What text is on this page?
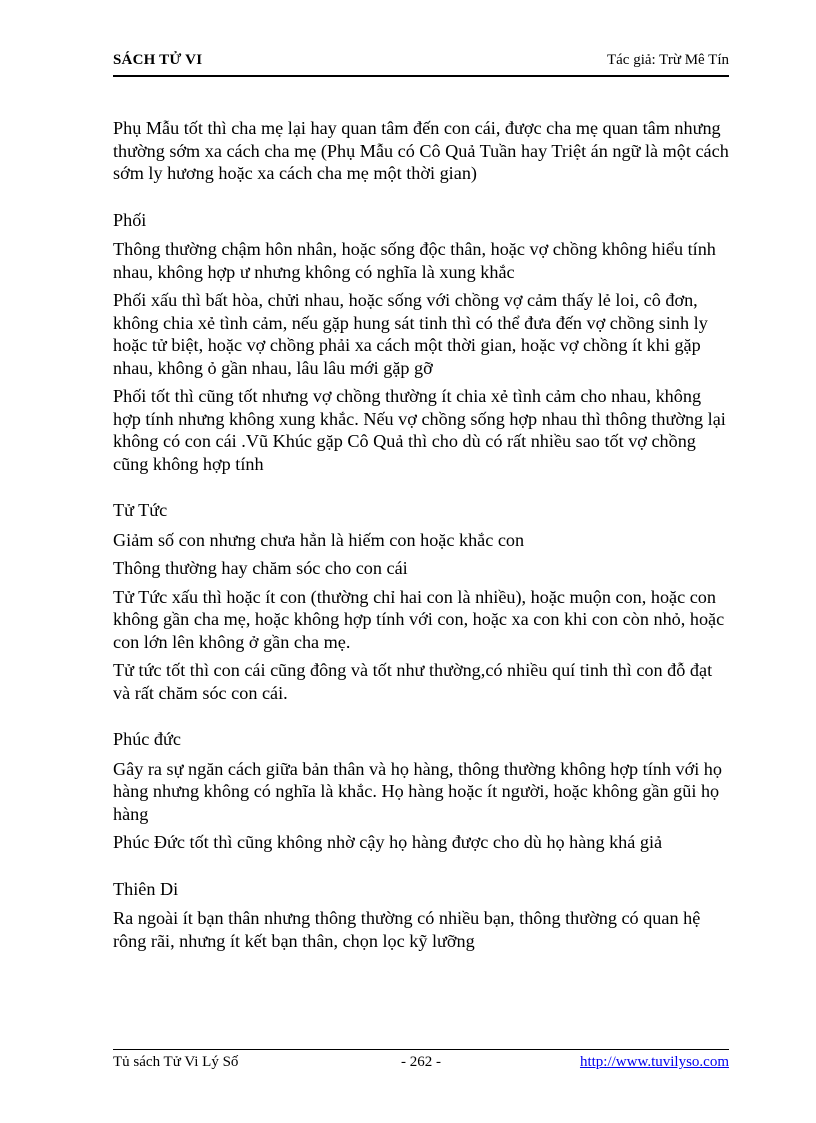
SÁCH TỬ VI	Tác giả: Trừ Mê Tín

Phụ Mẫu tốt thì cha mẹ lại hay quan tâm đến con cái, được cha mẹ quan tâm nhưng thường sớm xa cách cha mẹ (Phụ Mẫu có Cô Quả Tuần hay Triệt án ngữ là một cách sớm ly hương hoặc xa cách cha mẹ một thời gian)

Phối

Thông thường chậm hôn nhân, hoặc sống độc thân, hoặc vợ chồng không hiểu tính nhau, không hợp ư nhưng không có nghĩa là xung khắc

Phối xấu thì bất hòa, chửi nhau, hoặc sống với chồng vợ cảm thấy lẻ loi, cô đơn, không chia xẻ tình cảm, nếu gặp hung sát tinh thì có thể đưa đến vợ chồng sinh ly hoặc tử biệt, hoặc vợ chồng phải xa cách một thời gian, hoặc vợ chồng ít khi gặp nhau, không ỏ gần nhau, lâu lâu mới gặp gỡ

Phối tốt thì cũng tốt nhưng vợ chồng thường ít chia xẻ tình cảm cho nhau, không hợp tính nhưng không xung khắc. Nếu vợ chồng sống hợp nhau thì thông thường lại không có con cái .Vũ Khúc gặp Cô Quả thì cho dù có rất nhiều sao tốt vợ chồng cũng không hợp tính

Tử Tức

Giảm số con nhưng chưa hẳn là hiếm con hoặc khắc con

Thông thường hay chăm sóc cho con cái

Tử Tức xấu thì hoặc ít con (thường chỉ hai con là nhiều), hoặc muộn con, hoặc con không gần cha mẹ, hoặc không hợp tính với con, hoặc xa con khi con còn nhỏ, hoặc con lớn lên không ở gần cha mẹ.

Tử tức tốt thì con cái cũng đông và tốt như thường,có nhiều quí tinh thì con đỗ đạt và rất chăm sóc con cái.

Phúc đức

Gây ra sự ngăn cách giữa bản thân và họ hàng, thông thường không hợp tính với họ hàng nhưng không có nghĩa là khắc. Họ hàng hoặc ít người, hoặc không gần gũi họ hàng

Phúc Đức tốt thì cũng không nhờ cậy họ hàng được cho dù họ hàng khá giả

Thiên Di

Ra ngoài ít bạn thân nhưng thông thường có nhiều bạn, thông thường có quan hệ rông rãi, nhưng ít kết bạn thân, chọn lọc kỹ lưỡng

Tủ sách Tử Vi Lý Số	- 262 -	http://www.tuvilyso.com
